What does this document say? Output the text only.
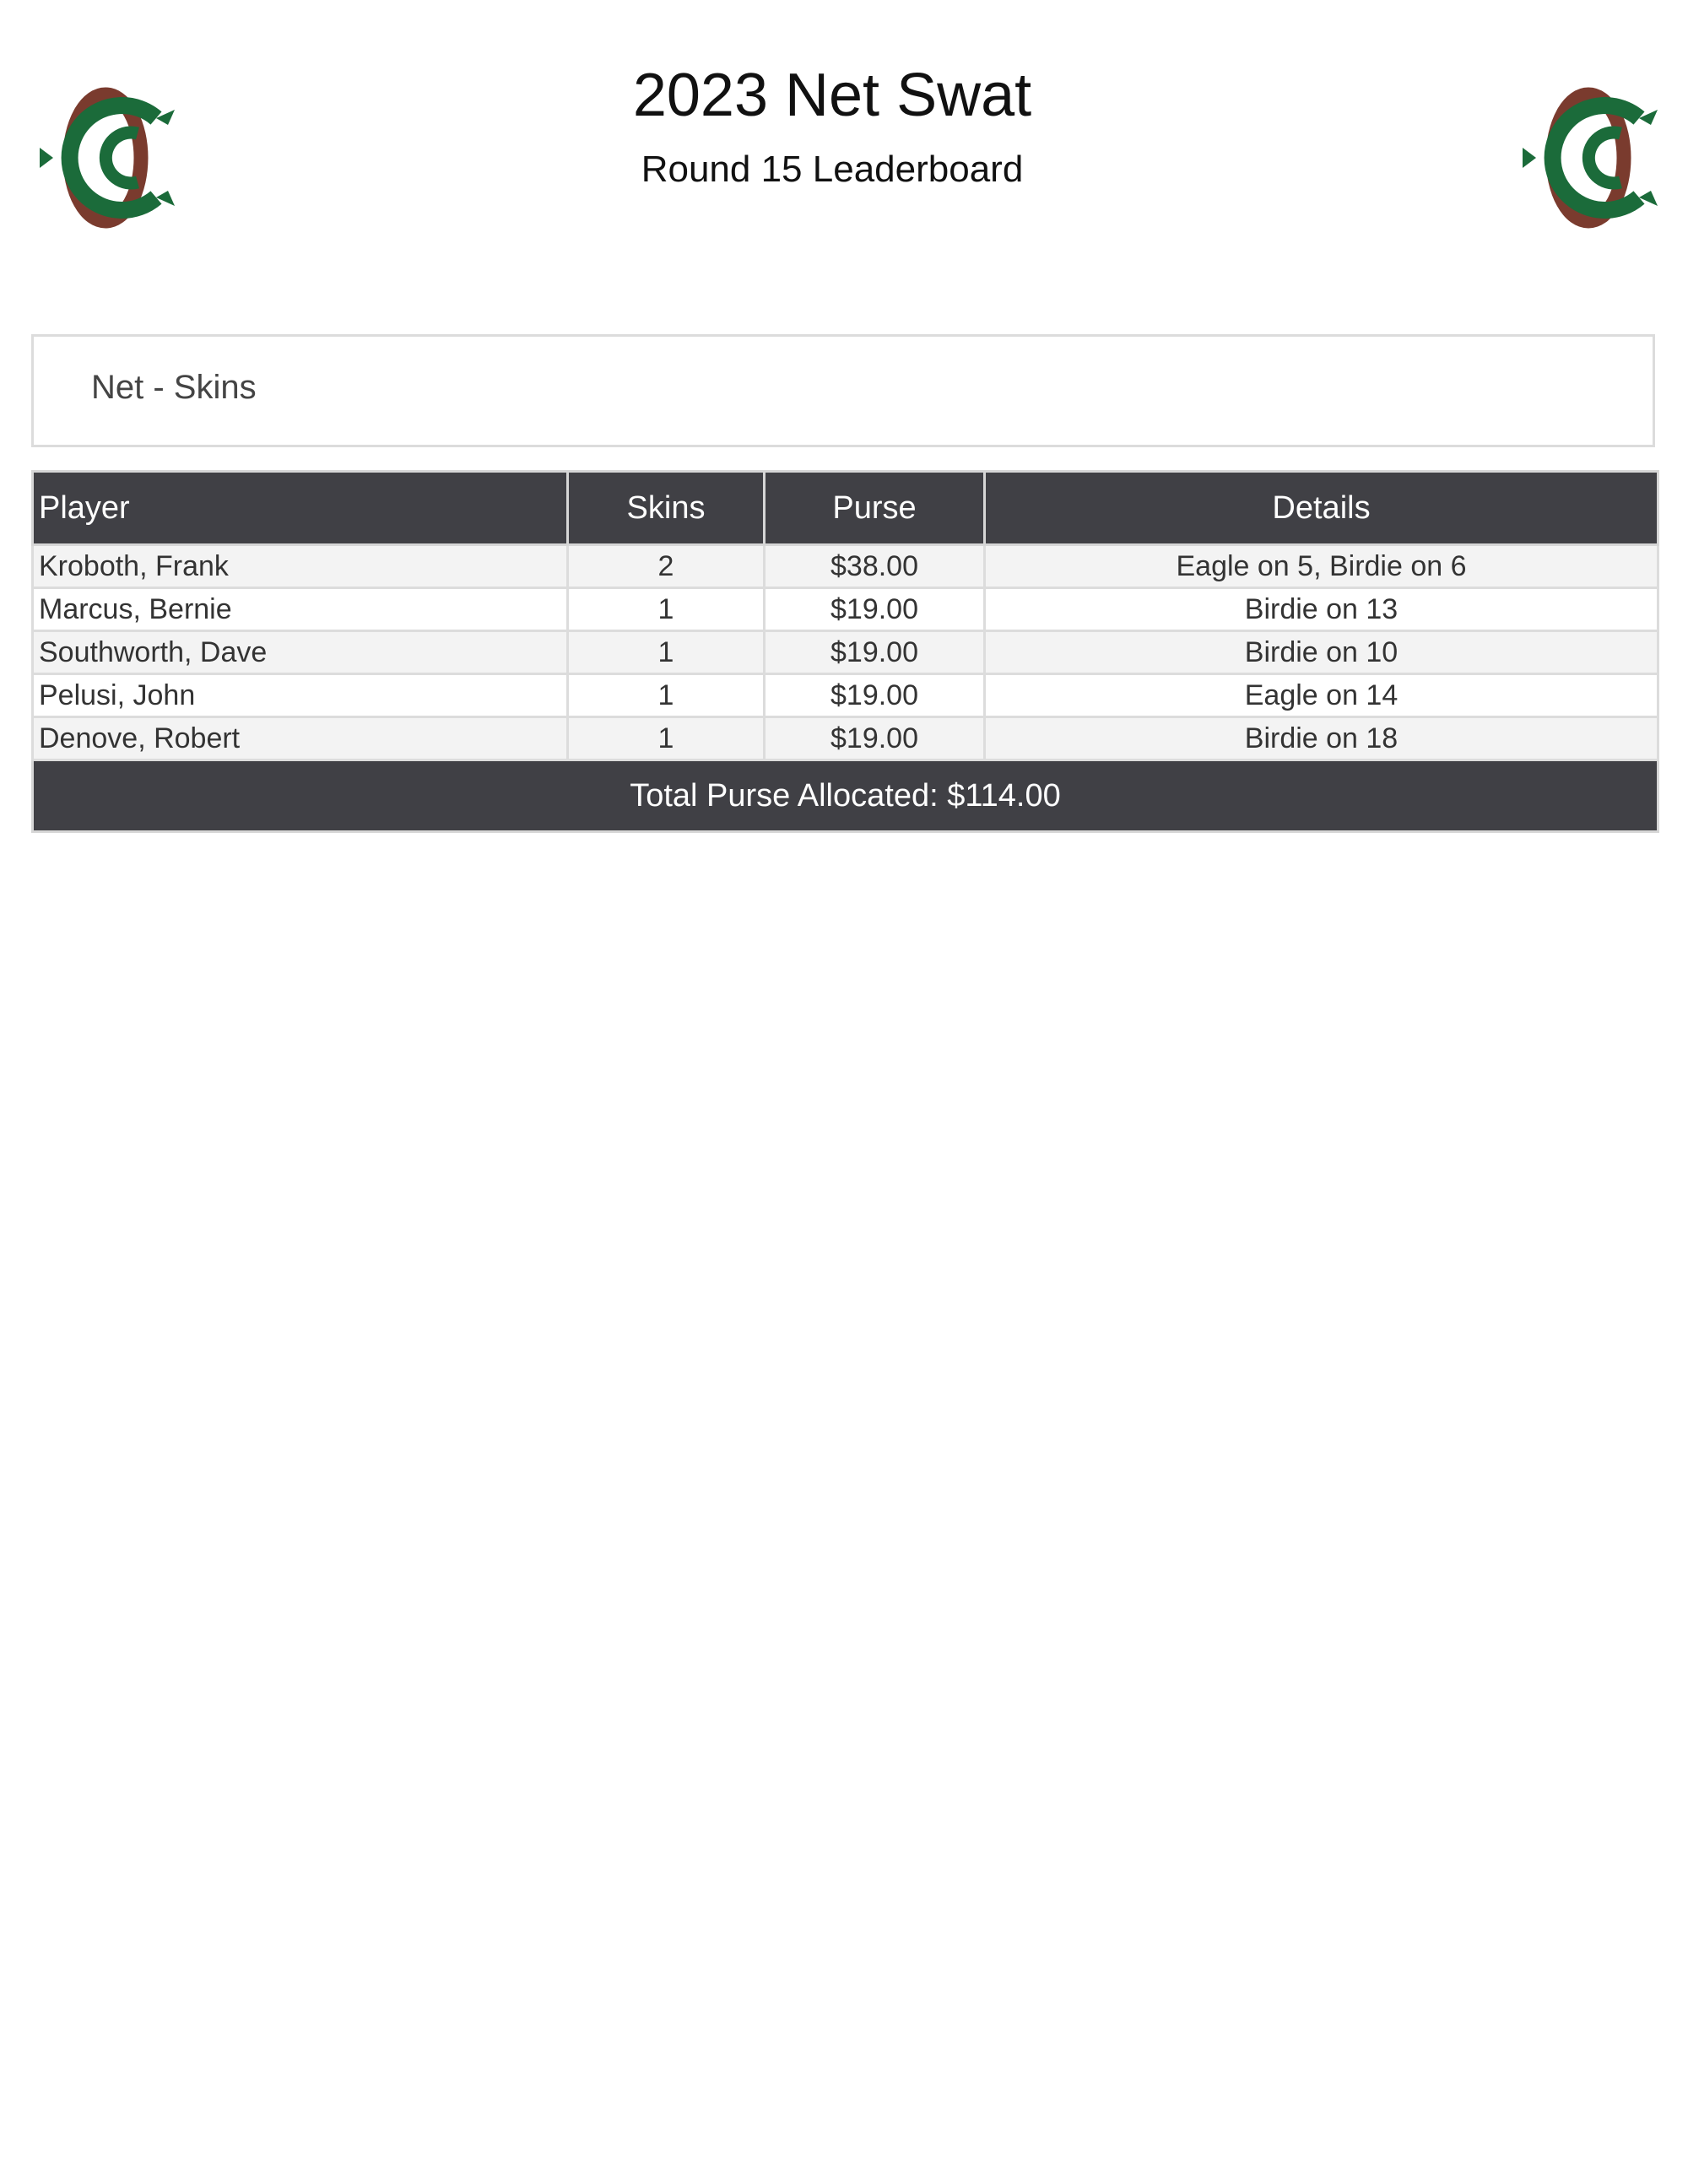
2023 Net Swat
Round 15 Leaderboard
Net - Skins
Player	Skins	Purse	Details
Kroboth, Frank	2	$38.00	Eagle on 5, Birdie on 6
Marcus, Bernie	1	$19.00	Birdie on 13
Southworth, Dave	1	$19.00	Birdie on 10
Pelusi, John	1	$19.00	Eagle on 14
Denove, Robert	1	$19.00	Birdie on 18
Total Purse Allocated: $114.00			
